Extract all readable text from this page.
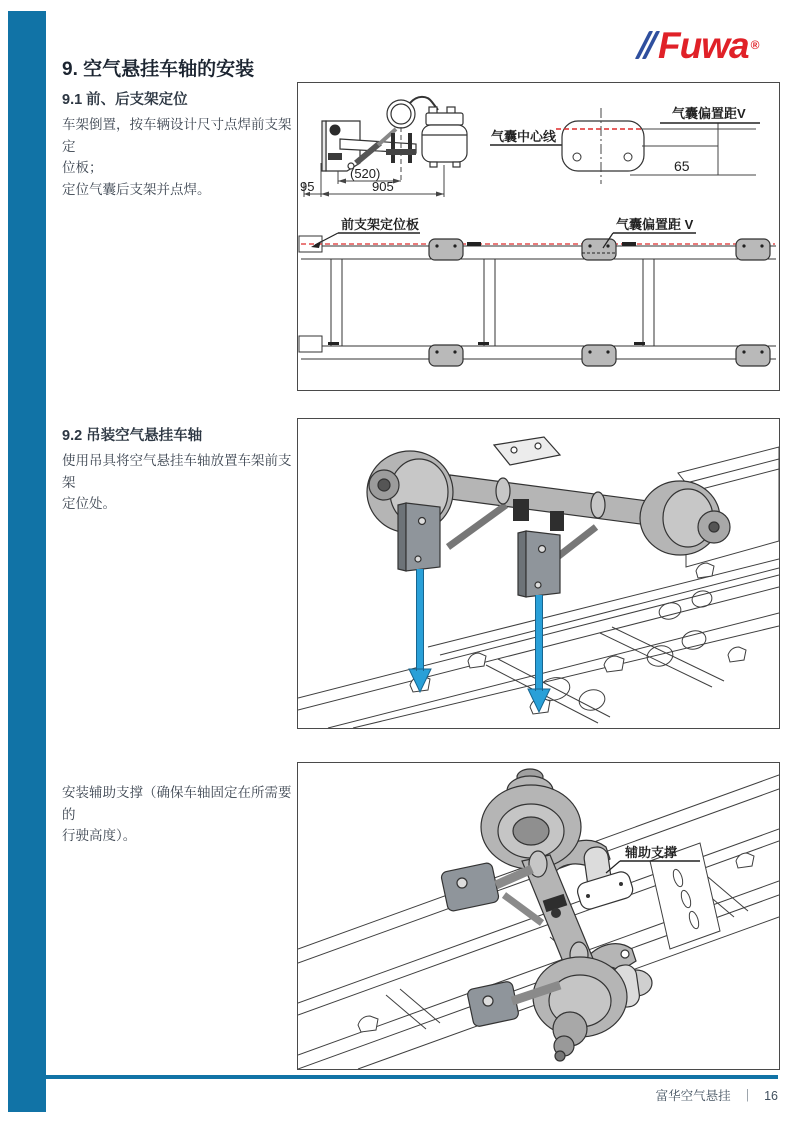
Fuwa ®
9. 空气悬挂车轴的安装
9.1 前、后支架定位
车架倒置，按车辆设计尺寸点焊前支架定
位板；
定位气囊后支架并点焊。	95
(520)
905
气囊中心线
气囊偏置距V
65
前支架定位板	气囊偏置距 V
9.2 吊装空气悬挂车轴
使用吊具将空气悬挂车轴放置车架前支架
定位处。
安装辅助支撑（确保车轴固定在所需要的
行驶高度）。
辅助支撑
富华空气悬挂 ｜ 16
